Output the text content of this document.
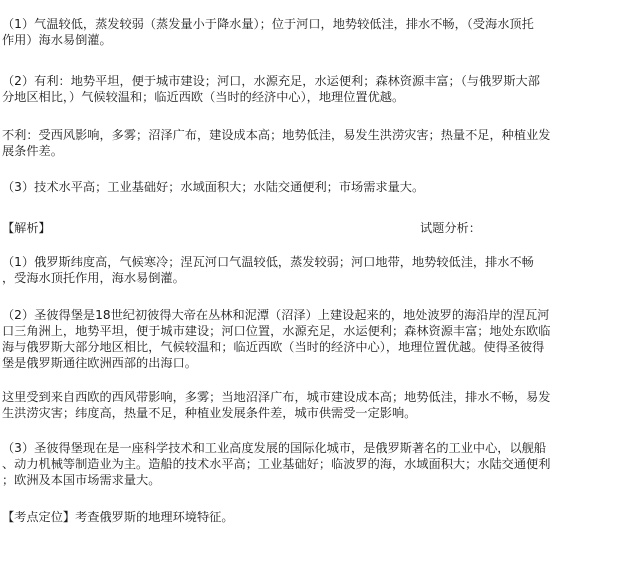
（1）气温较低，蒸发较弱（蒸发量小于降水量）；位于河口，地势较低洼，排水不畅，（受海水顶托
作用）海水易倒灌。
（2）有利：地势平坦，便于城市建设；河口，水源充足，水运便利；森林资源丰富；（与俄罗斯大部
分地区相比，）气候较温和；临近西欧（当时的经济中心），地理位置优越。
不利：受西风影响，多雾；沼泽广布，建设成本高；地势低洼，易发生洪涝灾害；热量不足，种植业发
展条件差。
（3）技术水平高；工业基础好；水域面积大；水陆交通便利；市场需求量大。
【解析】	试题分析：
（1）俄罗斯纬度高，气候寒冷；涅瓦河口气温较低，蒸发较弱；河口地带，地势较低洼，排水不畅
，受海水顶托作用，海水易倒灌。
（2）圣彼得堡是18世纪初彼得大帝在丛林和泥潭（沼泽）上建设起来的，地处波罗的海沿岸的涅瓦河
口三角洲上，地势平坦，便于城市建设；河口位置，水源充足，水运便利；森林资源丰富；地处东欧临
海与俄罗斯大部分地区相比，气候较温和；临近西欧（当时的经济中心），地理位置优越。使得圣彼得
堡是俄罗斯通往欧洲西部的出海口。
这里受到来自西欧的西风带影响，多雾；当地沼泽广布，城市建设成本高；地势低洼，排水不畅，易发
生洪涝灾害；纬度高，热量不足，种植业发展条件差，城市供需受一定影响。
（3）圣彼得堡现在是一座科学技术和工业高度发展的国际化城市，是俄罗斯著名的工业中心，以舰船
、动力机械等制造业为主。造船的技术水平高；工业基础好；临波罗的海，水域面积大；水陆交通便利
；欧洲及本国市场需求量大。
【考点定位】考查俄罗斯的地理环境特征。
